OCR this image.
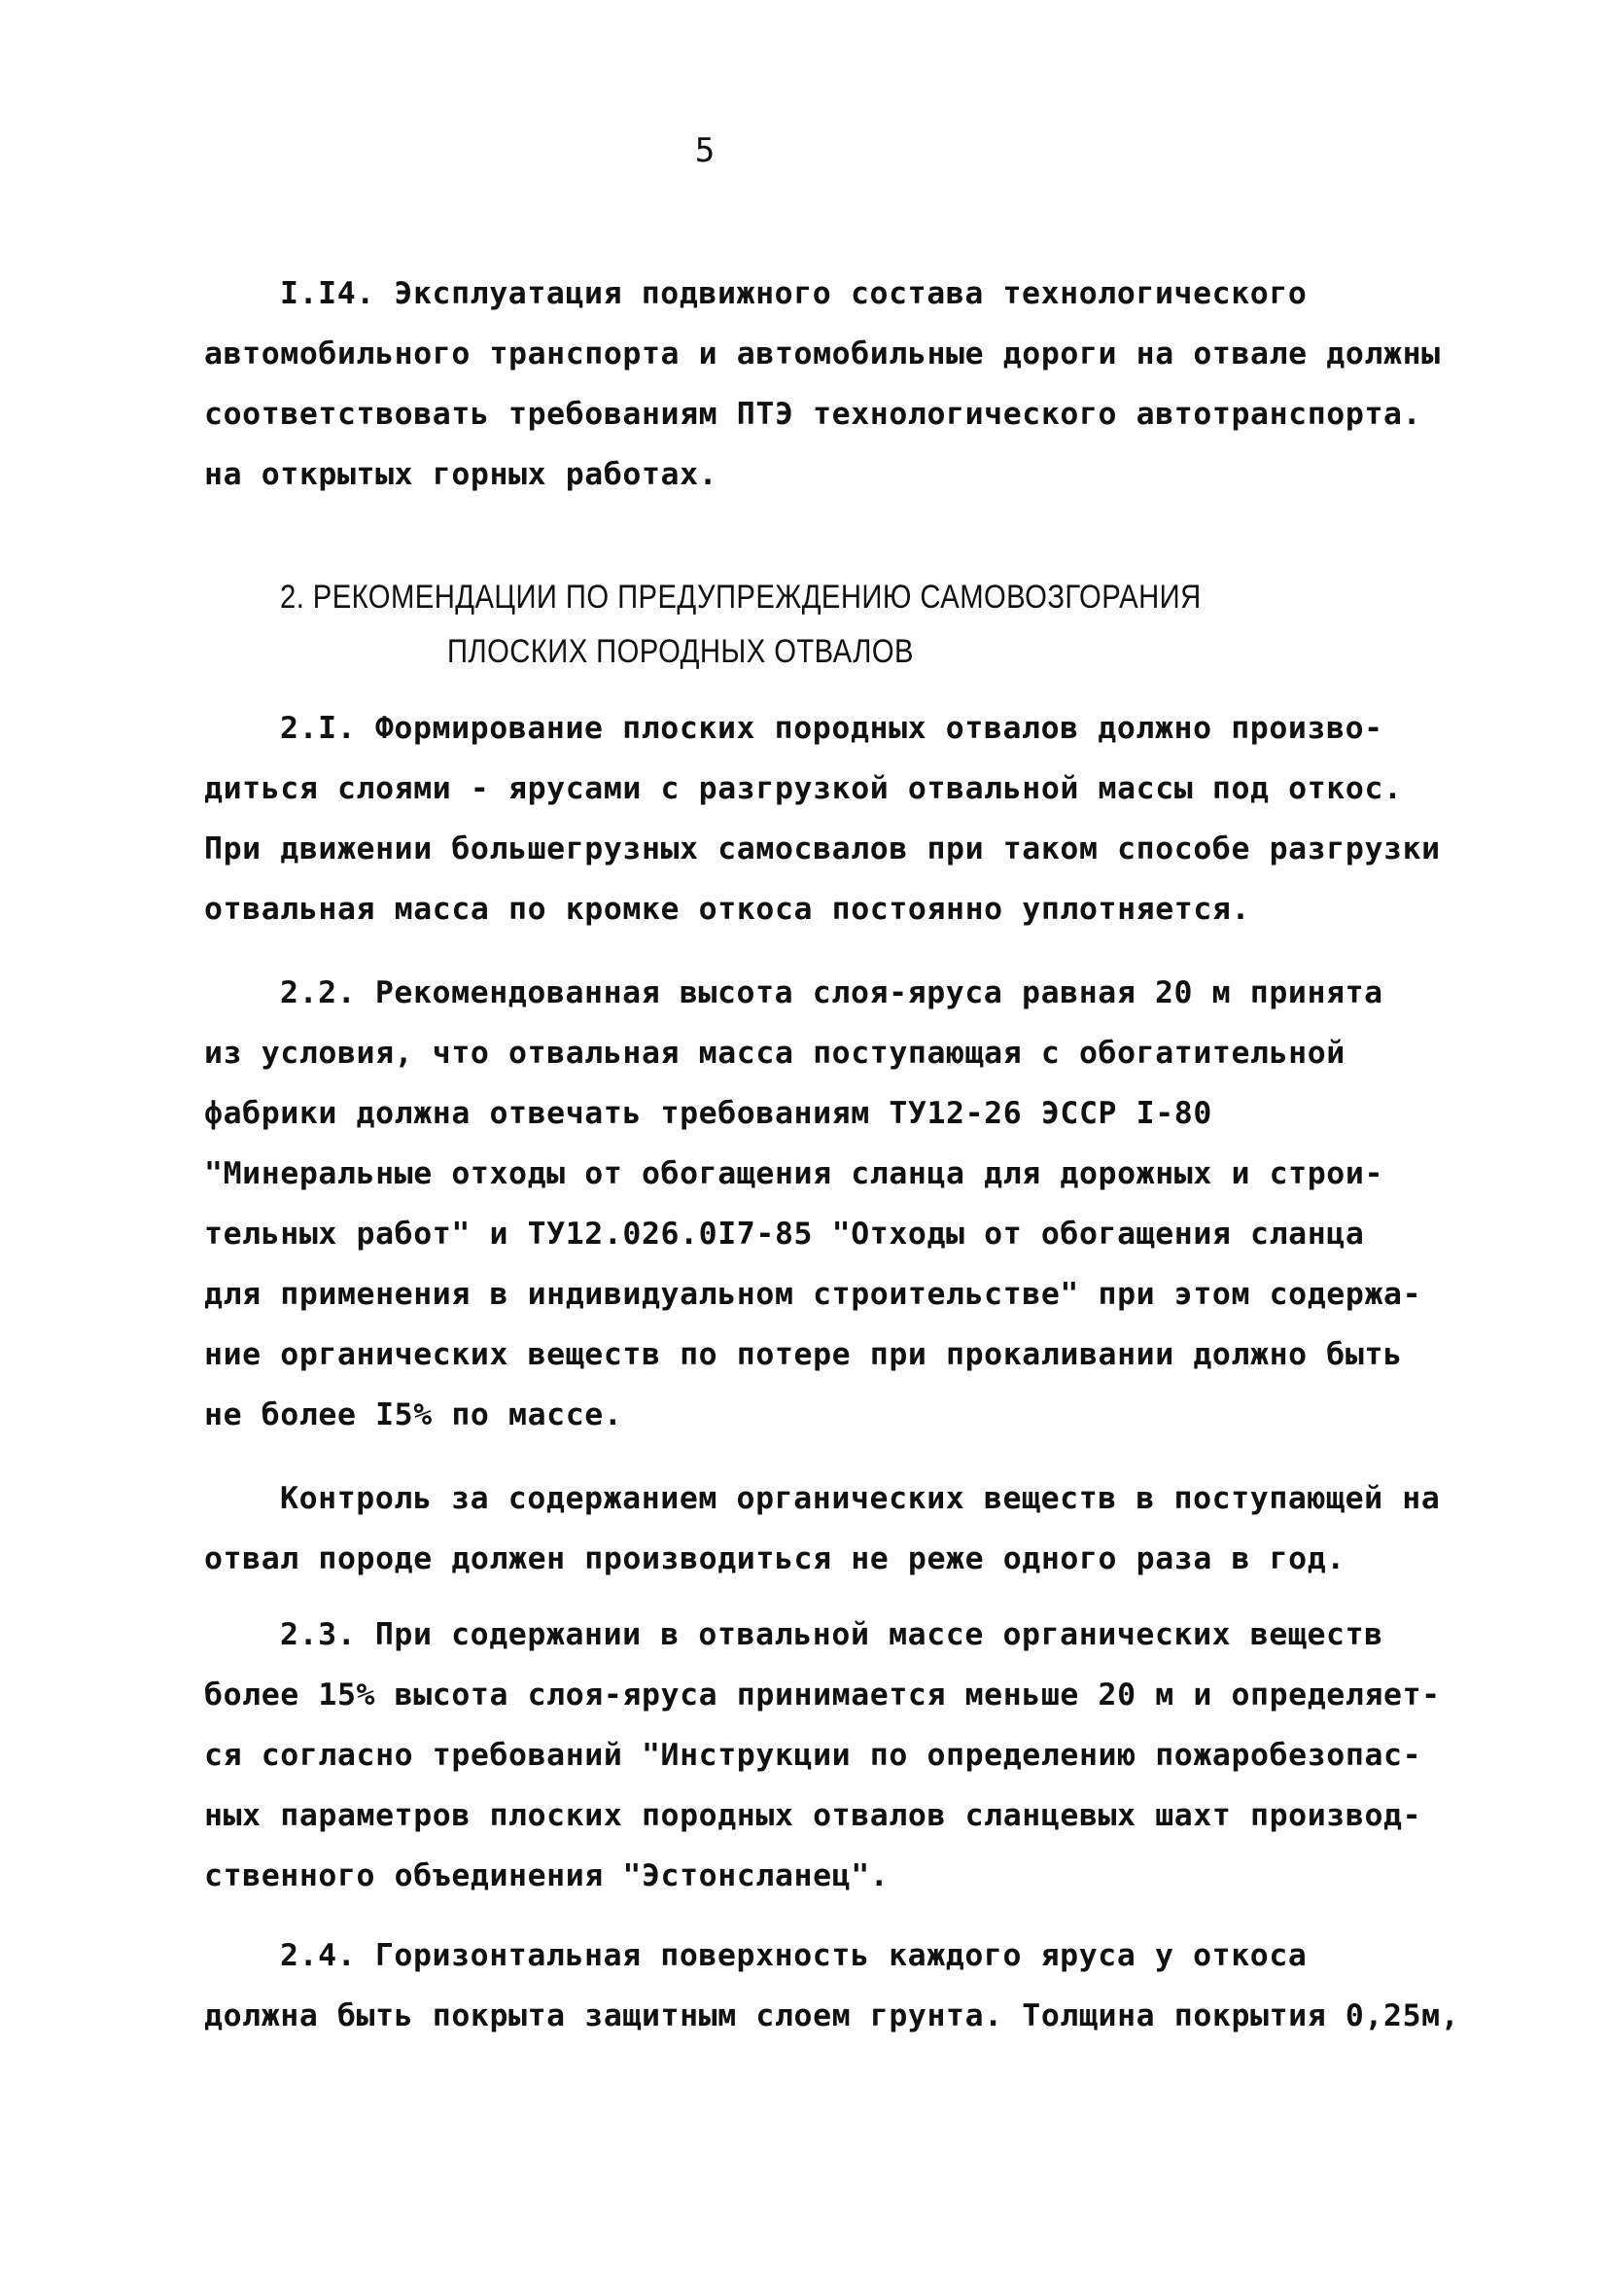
5

I.I4. Эксплуатация подвижного состава технологического
автомобильного транспорта и автомобильные дороги на отвале должны
соответствовать требованиям ПТЭ технологического автотранспорта.
на открытых горных работах.

2. РЕКОМЕНДАЦИИ ПО ПРЕДУПРЕЖДЕНИЮ САМОВОЗГОРАНИЯ
ПЛОСКИХ ПОРОДНЫХ ОТВАЛОВ

2.I. Формирование плоских породных отвалов должно произво-
диться слоями - ярусами с разгрузкой отвальной массы под откос.
При движении большегрузных самосвалов при таком способе разгрузки
отвальная масса по кромке откоса постоянно уплотняется.

2.2. Рекомендованная высота слоя-яруса равная 20 м принята
из условия, что отвальная масса поступающая с обогатительной
фабрики должна отвечать требованиям ТУ12-26 ЭССР I-80
"Минеральные отходы от обогащения сланца для дорожных и строи-
тельных работ" и ТУ12.026.0I7-85 "Отходы от обогащения сланца
для применения в индивидуальном строительстве" при этом содержа-
ние органических веществ по потере при прокаливании должно быть
не более I5% по массе.

Контроль за содержанием органических веществ в поступающей на
отвал породе должен производиться не реже одного раза в год.

2.3. При содержании в отвальной массе органических веществ
более 15% высота слоя-яруса принимается меньше 20 м и определяет-
ся согласно требований "Инструкции по определению пожаробезопас-
ных параметров плоских породных отвалов сланцевых шахт производ-
ственного объединения "Эстонсланец".

2.4. Горизонтальная поверхность каждого яруса у откоса
должна быть покрыта защитным слоем грунта. Толщина покрытия 0,25м,
